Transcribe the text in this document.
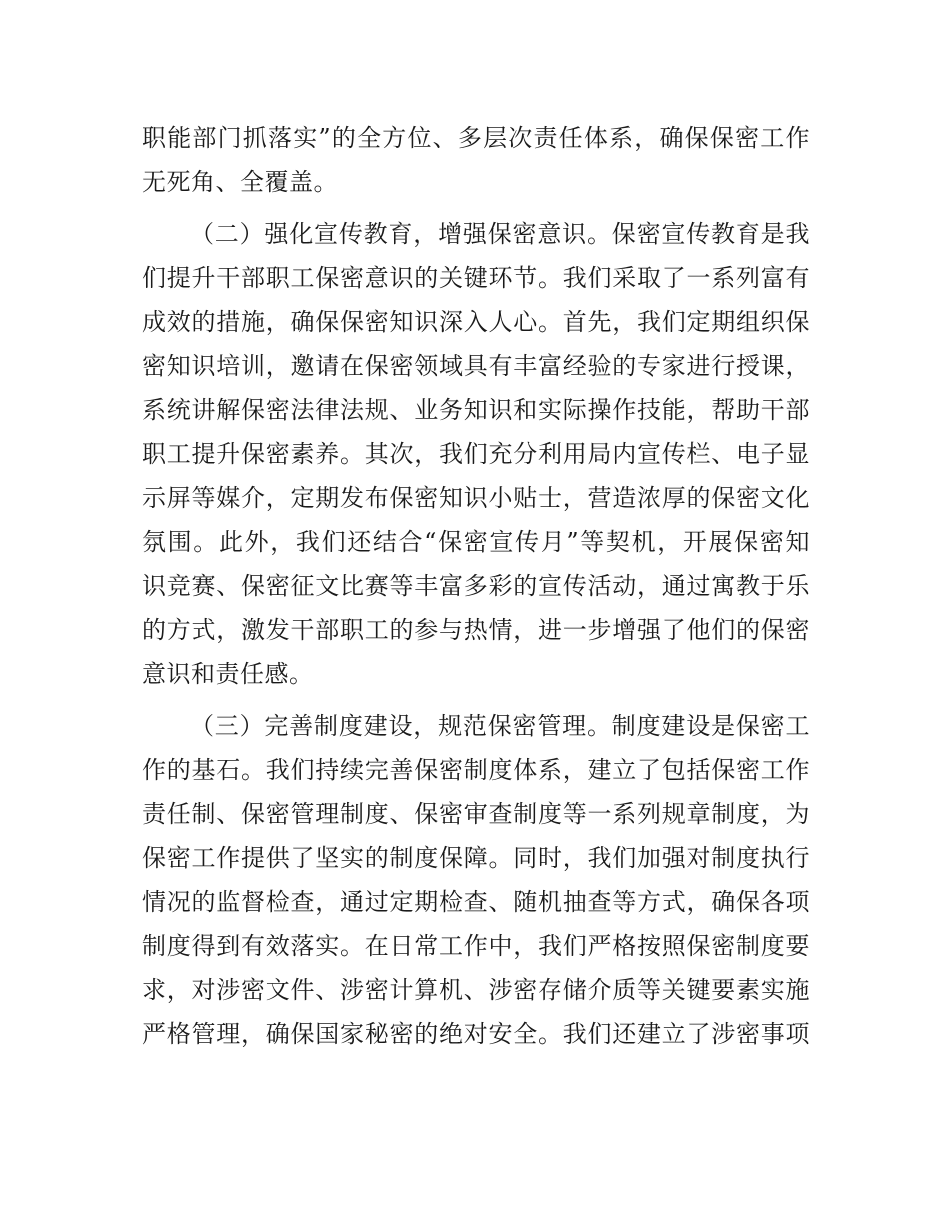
职能部门抓落实”的全方位、多层次责任体系，确保保密工作
无死角、全覆盖。
（二）强化宣传教育，增强保密意识。保密宣传教育是我
们提升干部职工保密意识的关键环节。我们采取了一系列富有
成效的措施，确保保密知识深入人心。首先，我们定期组织保
密知识培训，邀请在保密领域具有丰富经验的专家进行授课，
系统讲解保密法律法规、业务知识和实际操作技能，帮助干部
职工提升保密素养。其次，我们充分利用局内宣传栏、电子显
示屏等媒介，定期发布保密知识小贴士，营造浓厚的保密文化
氛围。此外，我们还结合“保密宣传月”等契机，开展保密知
识竞赛、保密征文比赛等丰富多彩的宣传活动，通过寓教于乐
的方式，激发干部职工的参与热情，进一步增强了他们的保密
意识和责任感。
（三）完善制度建设，规范保密管理。制度建设是保密工
作的基石。我们持续完善保密制度体系，建立了包括保密工作
责任制、保密管理制度、保密审查制度等一系列规章制度，为
保密工作提供了坚实的制度保障。同时，我们加强对制度执行
情况的监督检查，通过定期检查、随机抽查等方式，确保各项
制度得到有效落实。在日常工作中，我们严格按照保密制度要
求，对涉密文件、涉密计算机、涉密存储介质等关键要素实施
严格管理，确保国家秘密的绝对安全。我们还建立了涉密事项
